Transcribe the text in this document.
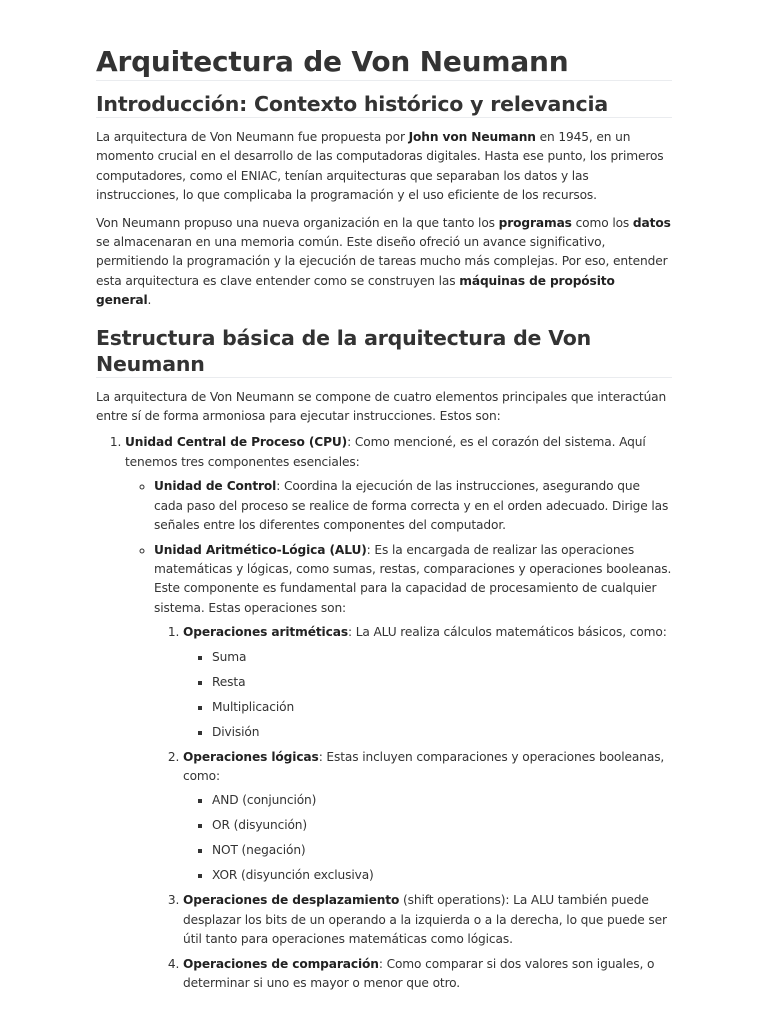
Arquitectura de Von Neumann
Introducción: Contexto histórico y relevancia

La arquitectura de Von Neumann fue propuesta por John von Neumann en 1945, en un momento crucial en el desarrollo de las computadoras digitales. Hasta ese punto, los primeros computadores, como el ENIAC, tenían arquitecturas que separaban los datos y las instrucciones, lo que complicaba la programación y el uso eficiente de los recursos.

Von Neumann propuso una nueva organización en la que tanto los programas como los datos se almacenaran en una memoria común. Este diseño ofreció un avance significativo, permitiendo la programación y la ejecución de tareas mucho más complejas. Por eso, entender esta arquitectura es clave entender como se construyen las máquinas de propósito general.

Estructura básica de la arquitectura de Von Neumann

La arquitectura de Von Neumann se compone de cuatro elementos principales que interactúan entre sí de forma armoniosa para ejecutar instrucciones. Estos son:

1. Unidad Central de Proceso (CPU): Como mencioné, es el corazón del sistema. Aquí tenemos tres componentes esenciales:
◦ Unidad de Control: Coordina la ejecución de las instrucciones, asegurando que cada paso del proceso se realice de forma correcta y en el orden adecuado. Dirige las señales entre los diferentes componentes del computador.
◦ Unidad Aritmético-Lógica (ALU): Es la encargada de realizar las operaciones matemáticas y lógicas, como sumas, restas, comparaciones y operaciones booleanas. Este componente es fundamental para la capacidad de procesamiento de cualquier sistema. Estas operaciones son:
1. Operaciones aritméticas: La ALU realiza cálculos matemáticos básicos, como:
▪ Suma
▪ Resta
▪ Multiplicación
▪ División
2. Operaciones lógicas: Estas incluyen comparaciones y operaciones booleanas, como:
▪ AND (conjunción)
▪ OR (disyunción)
▪ NOT (negación)
▪ XOR (disyunción exclusiva)
3. Operaciones de desplazamiento (shift operations): La ALU también puede desplazar los bits de un operando a la izquierda o a la derecha, lo que puede ser útil tanto para operaciones matemáticas como lógicas.
4. Operaciones de comparación: Como comparar si dos valores son iguales, o determinar si uno es mayor o menor que otro.
